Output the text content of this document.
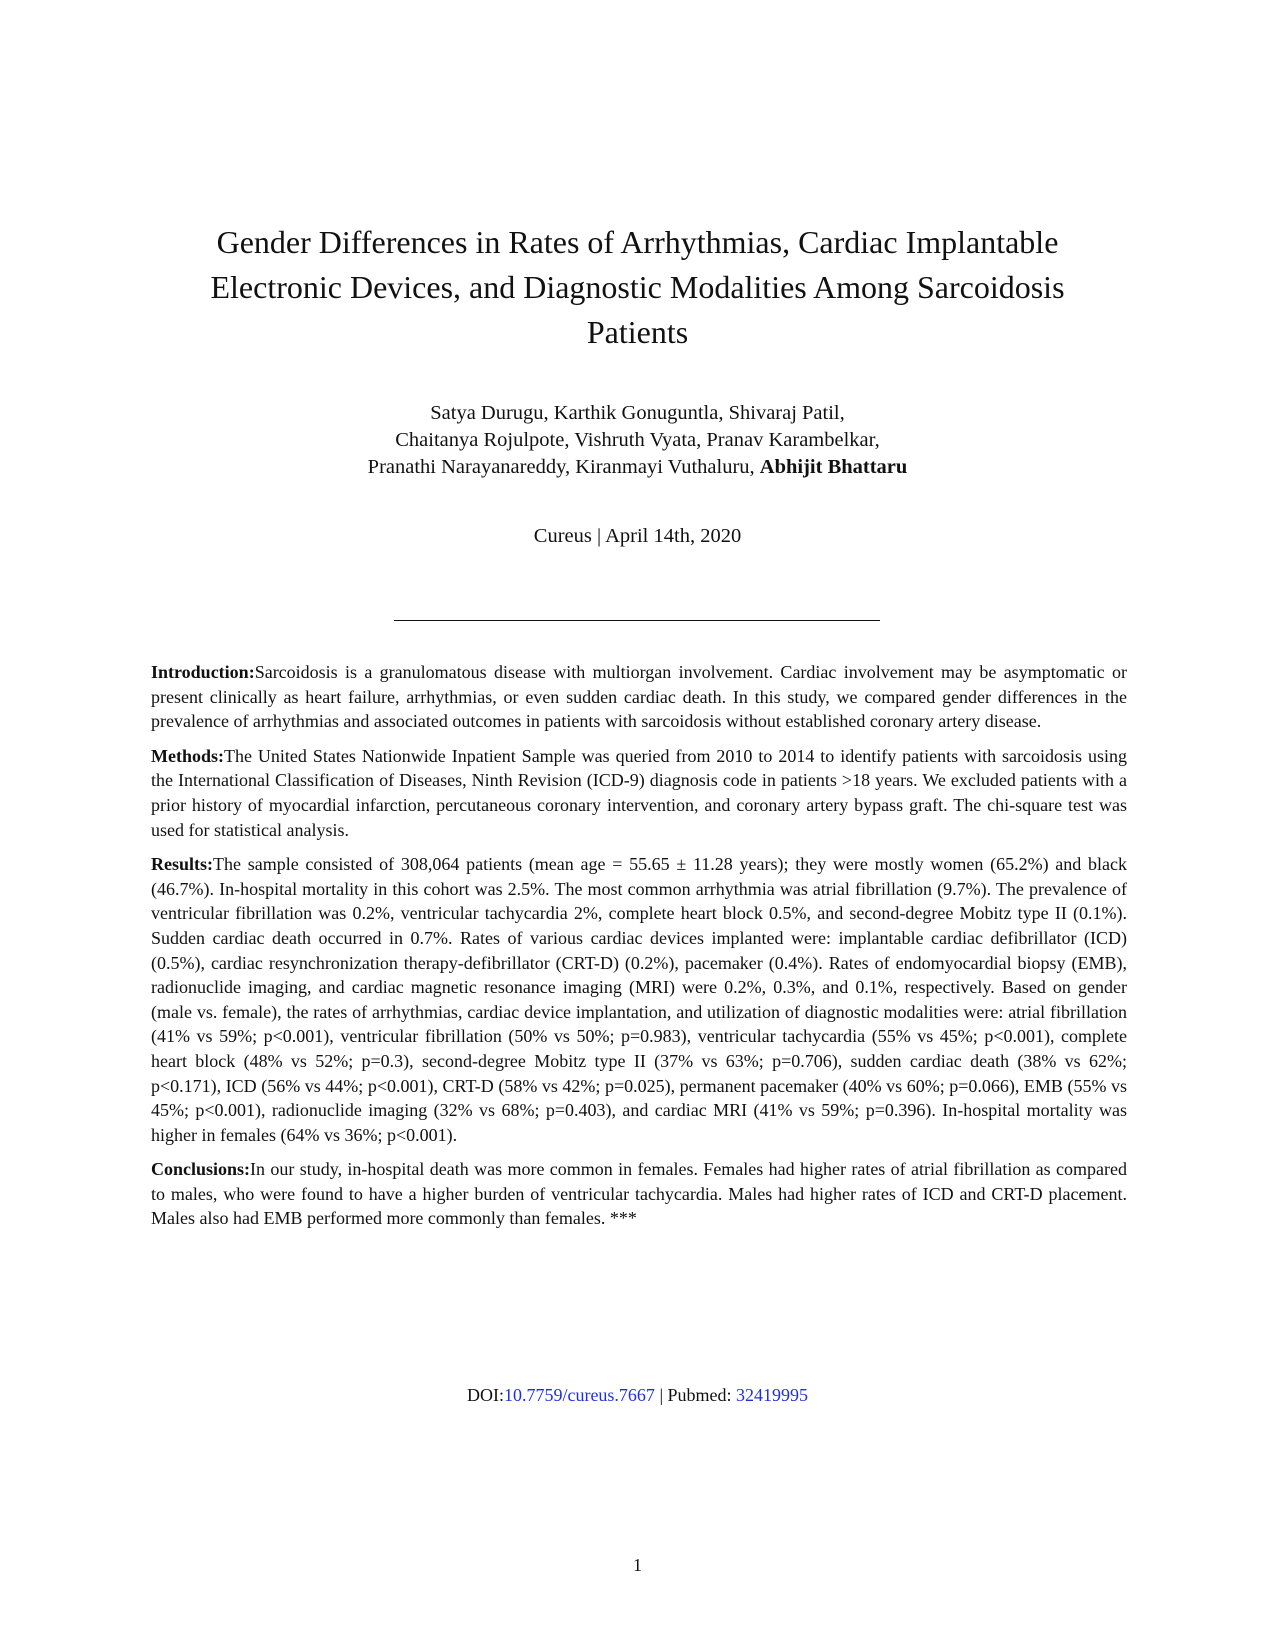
Gender Differences in Rates of Arrhythmias, Cardiac Implantable
Electronic Devices, and Diagnostic Modalities Among Sarcoidosis
Patients
Satya Durugu, Karthik Gonuguntla, Shivaraj Patil,
Chaitanya Rojulpote, Vishruth Vyata, Pranav Karambelkar,
Pranathi Narayanareddy, Kiranmayi Vuthaluru, Abhijit Bhattaru
Cureus | April 14th, 2020

Introduction:Sarcoidosis is a granulomatous disease with multiorgan involvement. Cardiac involvement may be asymptomatic or present clinically as heart failure, arrhythmias, or even sudden cardiac death. In this study, we compared gender differences in the prevalence of arrhythmias and associated outcomes in patients with sarcoidosis without established coronary artery disease.

Methods:The United States Nationwide Inpatient Sample was queried from 2010 to 2014 to identify patients with sarcoidosis using the International Classification of Diseases, Ninth Revision (ICD-9) diagnosis code in patients >18 years. We excluded patients with a prior history of myocardial infarction, percutaneous coronary intervention, and coronary artery bypass graft. The chi-square test was used for statistical analysis.

Results:The sample consisted of 308,064 patients (mean age = 55.65 ± 11.28 years); they were mostly women (65.2%) and black (46.7%). In-hospital mortality in this cohort was 2.5%. The most common arrhythmia was atrial fibrillation (9.7%). The prevalence of ventricular fibrillation was 0.2%, ventricular tachycardia 2%, complete heart block 0.5%, and second-degree Mobitz type II (0.1%). Sudden cardiac death occurred in 0.7%. Rates of various cardiac devices implanted were: implantable cardiac defibrillator (ICD) (0.5%), cardiac resynchronization therapy-defibrillator (CRT-D) (0.2%), pacemaker (0.4%). Rates of endomyocardial biopsy (EMB), radionuclide imaging, and cardiac magnetic resonance imaging (MRI) were 0.2%, 0.3%, and 0.1%, respectively. Based on gender (male vs. female), the rates of arrhythmias, cardiac device implantation, and utilization of diagnostic modalities were: atrial fibrillation (41% vs 59%; p<0.001), ventricular fibrillation (50% vs 50%; p=0.983), ventricular tachycardia (55% vs 45%; p<0.001), complete heart block (48% vs 52%; p=0.3), second-degree Mobitz type II (37% vs 63%; p=0.706), sudden cardiac death (38% vs 62%; p<0.171), ICD (56% vs 44%; p<0.001), CRT-D (58% vs 42%; p=0.025), permanent pacemaker (40% vs 60%; p=0.066), EMB (55% vs 45%; p<0.001), radionuclide imaging (32% vs 68%; p=0.403), and cardiac MRI (41% vs 59%; p=0.396). In-hospital mortality was higher in females (64% vs 36%; p<0.001).

Conclusions:In our study, in-hospital death was more common in females. Females had higher rates of atrial fibrillation as compared to males, who were found to have a higher burden of ventricular tachycardia. Males had higher rates of ICD and CRT-D placement. Males also had EMB performed more commonly than females. ***

DOI:10.7759/cureus.7667 | Pubmed: 32419995
1
